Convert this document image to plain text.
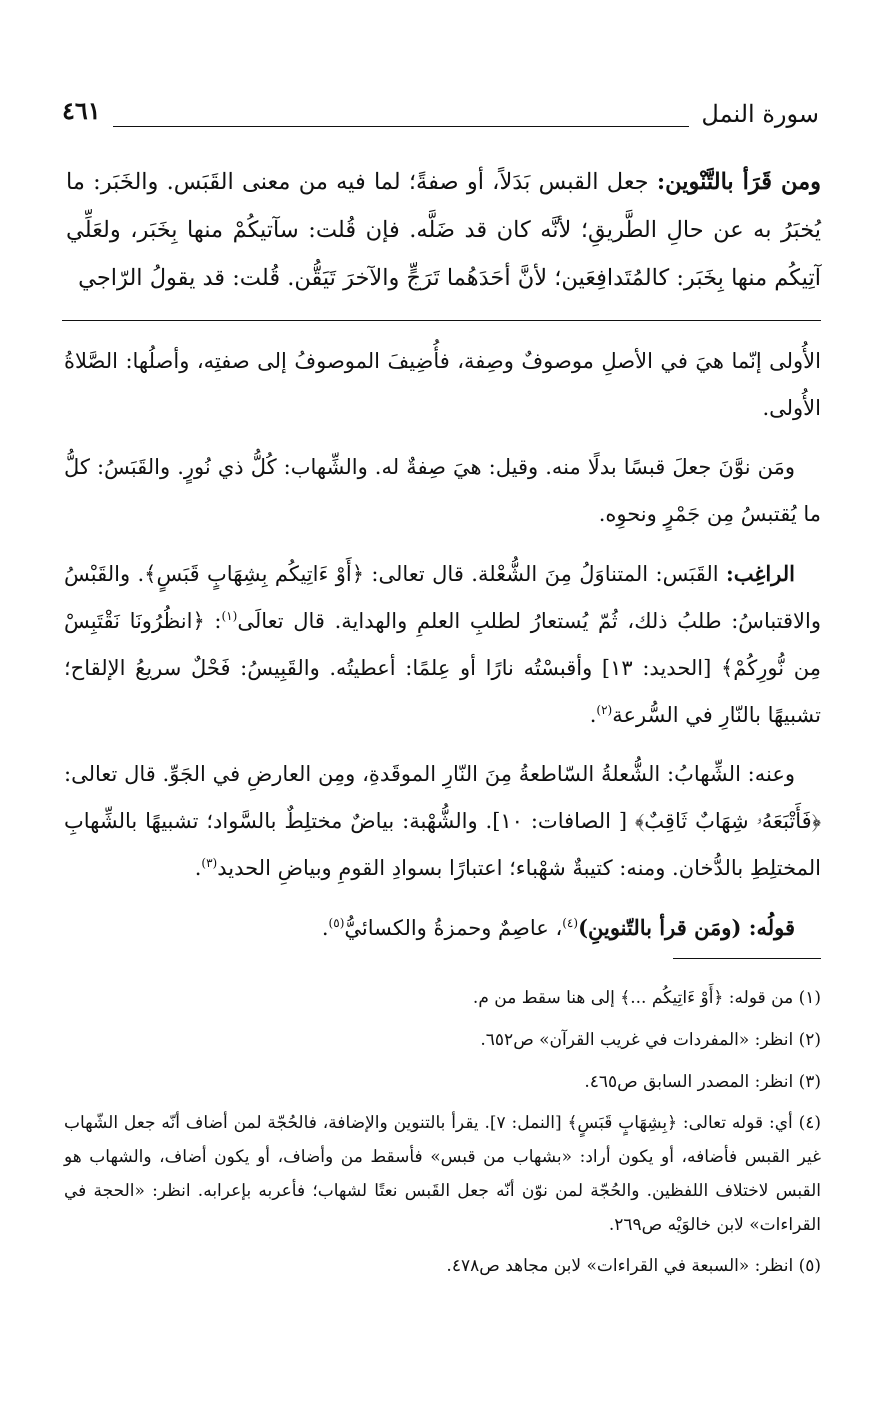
سورة النمل
٤٦١

ومن قَرَأ بالتَّنْوين: جعل القبس بَدَلاً، أو صفةً؛ لما فيه من معنى القَبَس. والخَبَر: ما يُخبَرُ به عن حالِ الطَّريقِ؛ لأنَّه كان قد ضَلَّه. فإن قُلت: سآتيكُمْ منها بِخَبَر، ولعَلِّي آتِيكُم منها بِخَبَر: كالمُتَدافِعَين؛ لأنَّ أحَدَهُما تَرَجٍّ والآخرَ تَيَقُّن. قُلت: قد يقولُ الرّاجي

الأُولى إنّما هيَ في الأصلِ موصوفٌ وصِفة، فأُضِيفَ الموصوفُ إلى صفتِه، وأصلُها: الصَّلاةُ الأُولى.

ومَن نوَّنَ جعلَ قبسًا بدلًا منه. وقيل: هيَ صِفةٌ له. والشِّهاب: كُلُّ ذي نُورٍ. والقَبَسُ: كلُّ ما يُقتبسُ مِن جَمْرٍ ونحوِه.

الراغِب: القَبَس: المتناوَلُ مِنَ الشُّعْلة. قال تعالى: ﴿أَوْ ءَاتِيكُم بِشِهَابٍ قَبَسٍ﴾. والقَبْسُ والاقتباسُ: طلبُ ذلك، ثُمّ يُستعارُ لطلبِ العلمِ والهداية. قال تعالَى$^{(١)}$: ﴿انظُرُونَا نَقْتَبِسْ مِن نُّورِكُمْ﴾ [الحديد: ١٣] وأقبسْتُه نارًا أو عِلمًا: أعطيتُه. والقَبِيسُ: فَحْلٌ سريعُ الإلقاح؛ تشبيهًا بالنّارِ في السُّرعة$^{(٢)}$.

وعنه: الشِّهابُ: الشُّعلةُ السّاطعةُ مِنَ النّارِ الموقَدةِ، ومِن العارضِ في الجَوِّ. قال تعالى: ﴿فَأَتْبَعَهُۥ شِهَابٌ ثَاقِبٌ﴾ [ الصافات: ١٠]. والشُّهْبة: بياضٌ مختلِطٌ بالسَّواد؛ تشبيهًا بالشِّهابِ المختلِطِ بالدُّخان. ومنه: كتيبةٌ شهْباء؛ اعتبارًا بسوادِ القومِ وبياضِ الحديد$^{(٣)}$.

قولُه: (ومَن قرأ بالتّنوينِ)$^{(٤)}$، عاصِمٌ وحمزةُ والكسائيُّ$^{(٥)}$.

(١) من قوله: ﴿أَوْ ءَاتِيكُم ...﴾ إلى هنا سقط من م.

(٢) انظر: «المفردات في غريب القرآن» ص٦٥٢.

(٣) انظر: المصدر السابق ص٤٦٥.

(٤) أي: قوله تعالى: ﴿بِشِهَابٍ قَبَسٍ﴾ [النمل: ٧]. يقرأ بالتنوين والإضافة، فالحُجّة لمن أضاف أنّه جعل الشّهاب غير القبس فأضافه، أو يكون أراد: «بشهاب من قبس» فأسقط من وأضاف، أو يكون أضاف، والشهاب هو القبس لاختلاف اللفظين. والحُجّة لمن نوّن أنّه جعل القَبس نعتًا لشهاب؛ فأعربه بإعرابه. انظر: «الحجة في القراءات» لابن خالوَيْه ص٢٦٩.

(٥) انظر: «السبعة في القراءات» لابن مجاهد ص٤٧٨.
